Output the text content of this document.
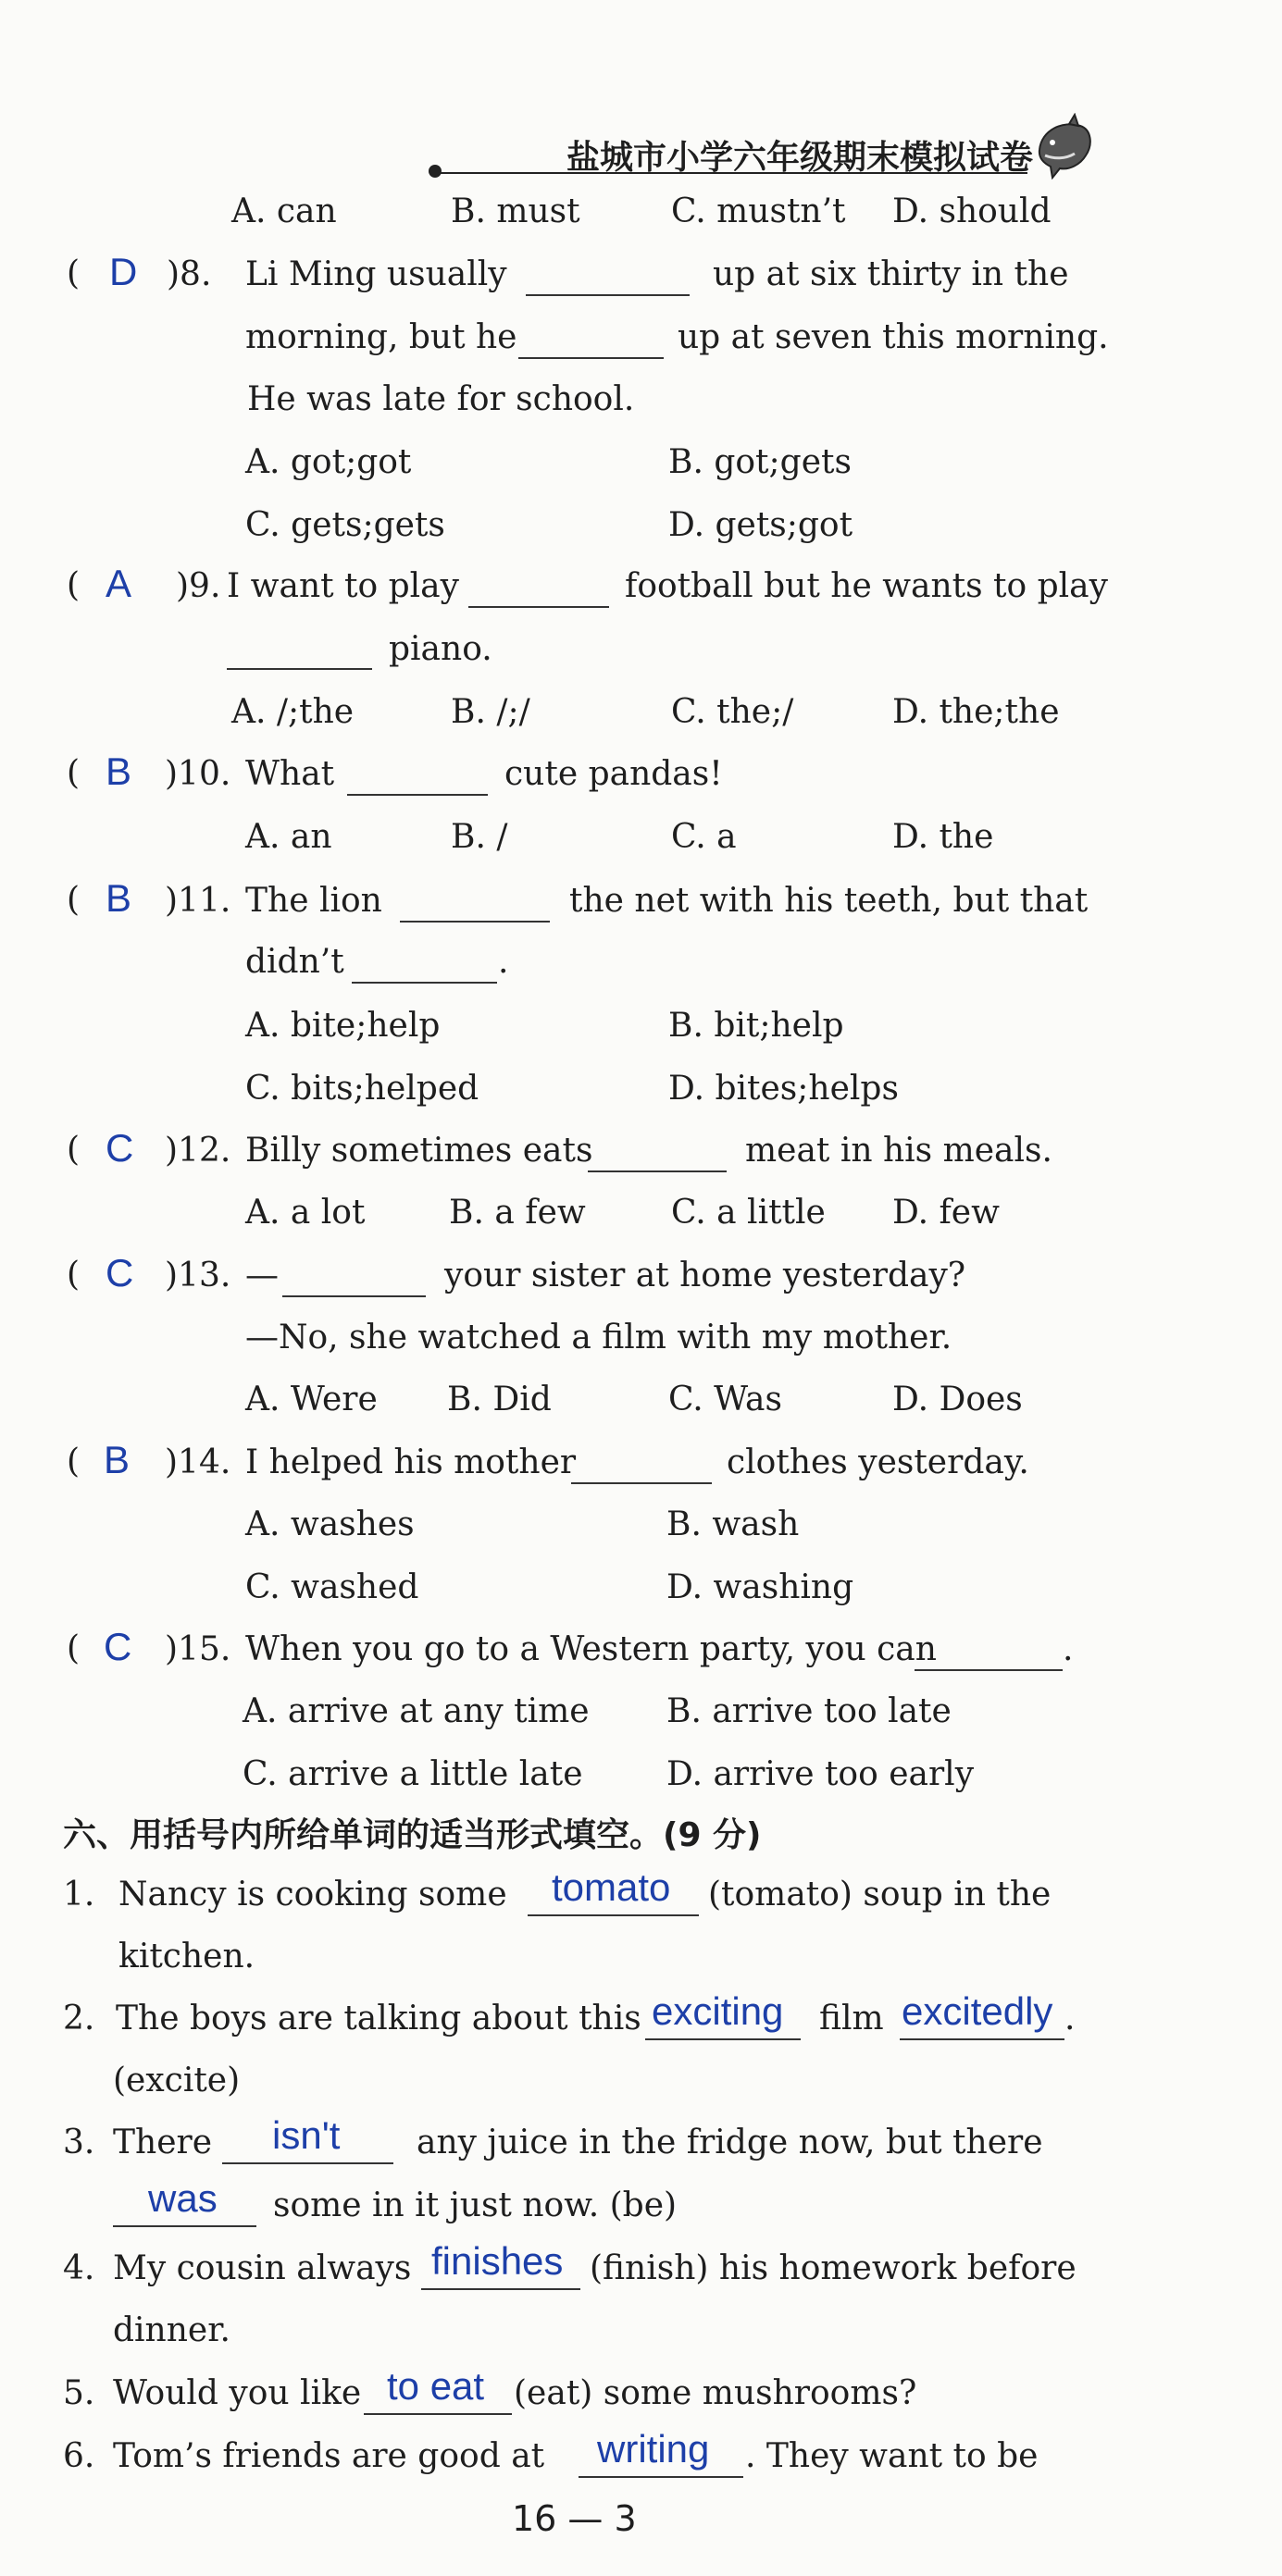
盐城市小学六年级期末模拟试卷
A. can	B. must	C. mustn’t D. should
( D )8. Li Ming usually	up at six thirty in the
morning, but he	up at seven this morning.
He was late for school.
A. got;got	B. got;gets
C. gets;gets	D. gets;got
( A )9. I want to play	football but he wants to play
piano.
A. /;the	B. /;/	C. the;/	D. the;the
( B )10. What	cute pandas!
A. an	B. /	C. a	D. the
( B )11. The lion	the net with his teeth, but that
didn’t	.
A. bite;help	B. bit;help
C. bits;helped	D. bites;helps
( C )12. Billy sometimes eats	meat in his meals.
A. a lot	B. a few	C. a little D. few
( C )13. —	your sister at home yesterday?
—No, she watched a film with my mother.
A. Were B. Did	C. Was	D. Does
( B )14. I helped his mother	clothes yesterday.
A. washes	B. wash
C. washed	D. washing
( C )15. When you go to a Western party, you can	.
A. arrive at any time B. arrive too late
C. arrive a little late	D. arrive too early
六、用括号内所给单词的适当形式填空。(9 分)
1. Nancy is cooking some tomato (tomato) soup in the
kitchen.
2. The boys are talking about this exciting film excitedly .
(excite)
3. There isn't any juice in the fridge now, but there
was some in it just now. (be)
4. My cousin always finishes (finish) his homework before
dinner.
5. Would you like to eat (eat) some mushrooms?
6. Tom’s friends are good at writing . They want to be
16 — 3
